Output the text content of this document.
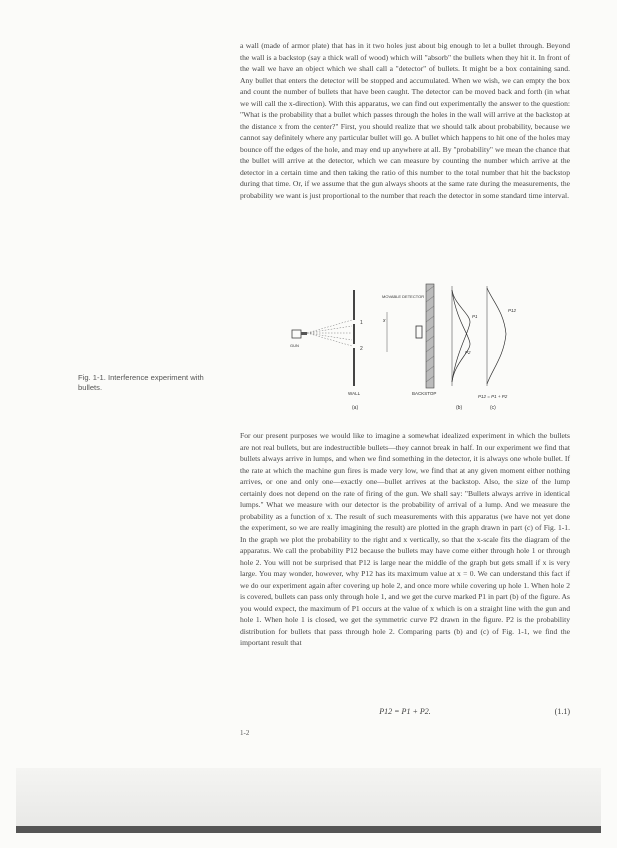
a wall (made of armor plate) that has in it two holes just about big enough to let a bullet through. Beyond the wall is a backstop (say a thick wall of wood) which will "absorb" the bullets when they hit it. In front of the wall we have an object which we shall call a "detector" of bullets. It might be a box containing sand. Any bullet that enters the detector will be stopped and accumulated. When we wish, we can empty the box and count the number of bullets that have been caught. The detector can be moved back and forth (in what we will call the x-direction). With this apparatus, we can find out experimentally the answer to the question: "What is the probability that a bullet which passes through the holes in the wall will arrive at the backstop at the distance x from the center?" First, you should realize that we should talk about probability, because we cannot say definitely where any particular bullet will go. A bullet which happens to hit one of the holes may bounce off the edges of the hole, and may end up anywhere at all. By "probability" we mean the chance that the bullet will arrive at the detector, which we can measure by counting the number which arrive at the detector in a certain time and then taking the ratio of this number to the total number that hit the backstop during that time. Or, if we assume that the gun always shoots at the same rate during the measurements, the probability we want is just proportional to the number that reach the detector in some standard time interval.

Fig. 1-1. Interference experiment with bullets.
GUN
1
2
WALL
x
MOVABLE DETECTOR
BACKSTOP
P1
P2
(b)
P12
P12 = P1 + P2
(c)
(a)

For our present purposes we would like to imagine a somewhat idealized experiment in which the bullets are not real bullets, but are indestructible bullets—they cannot break in half. In our experiment we find that bullets always arrive in lumps, and when we find something in the detector, it is always one whole bullet. If the rate at which the machine gun fires is made very low, we find that at any given moment either nothing arrives, or one and only one—exactly one—bullet arrives at the backstop. Also, the size of the lump certainly does not depend on the rate of firing of the gun. We shall say: "Bullets always arrive in identical lumps." What we measure with our detector is the probability of arrival of a lump. And we measure the probability as a function of x. The result of such measurements with this apparatus (we have not yet done the experiment, so we are really imagining the result) are plotted in the graph drawn in part (c) of Fig. 1-1. In the graph we plot the probability to the right and x vertically, so that the x-scale fits the diagram of the apparatus. We call the probability P12 because the bullets may have come either through hole 1 or through hole 2. You will not be surprised that P12 is large near the middle of the graph but gets small if x is very large. You may wonder, however, why P12 has its maximum value at x = 0. We can understand this fact if we do our experiment again after covering up hole 2, and once more while covering up hole 1. When hole 2 is covered, bullets can pass only through hole 1, and we get the curve marked P1 in part (b) of the figure. As you would expect, the maximum of P1 occurs at the value of x which is on a straight line with the gun and hole 1. When hole 1 is closed, we get the symmetric curve P2 drawn in the figure. P2 is the probability distribution for bullets that pass through hole 2. Comparing parts (b) and (c) of Fig. 1-1, we find the important result that

P12 = P1 + P2.	(1.1)
1-2
